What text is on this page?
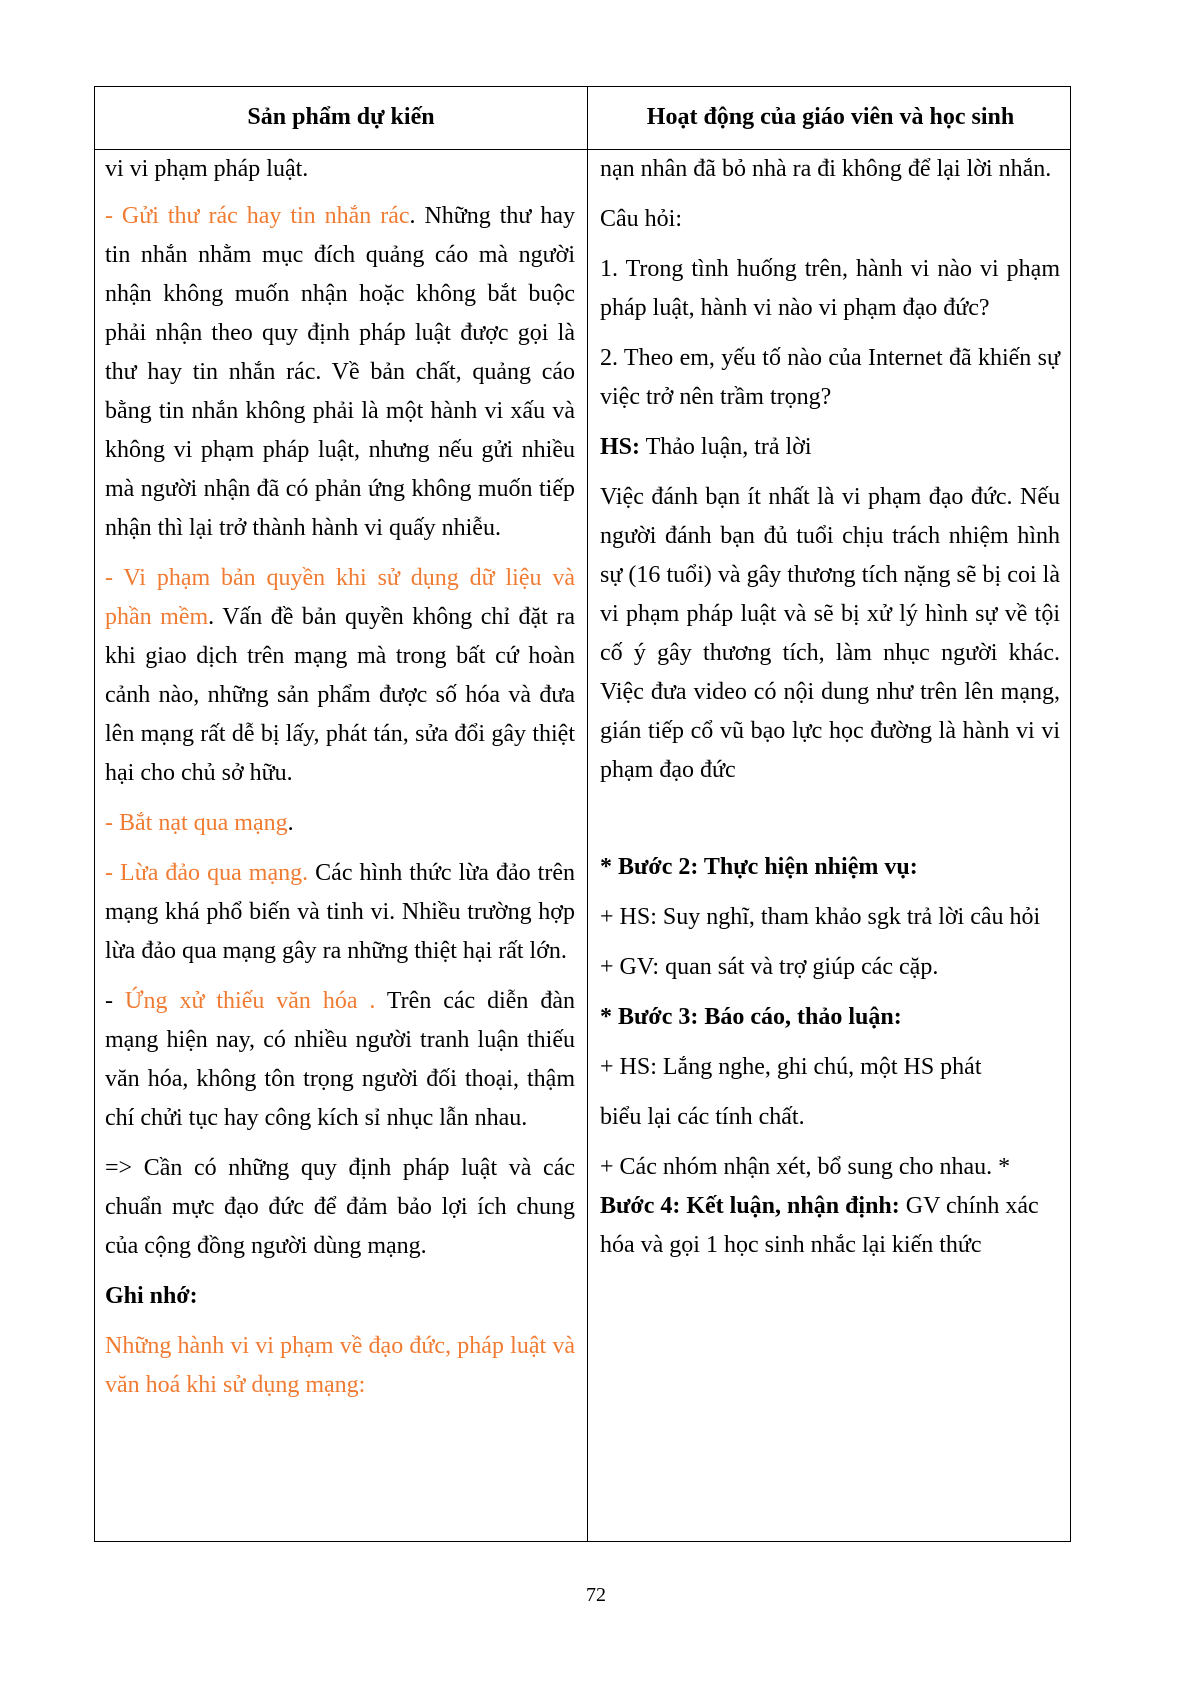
Sản phẩm dự kiến	Hoạt động của giáo viên và học sinh

vi vi phạm pháp luật.

- Gửi thư rác hay tin nhắn rác. Những thư hay tin nhắn nhằm mục đích quảng cáo mà người nhận không muốn nhận hoặc không bắt buộc phải nhận theo quy định pháp luật được gọi là thư hay tin nhắn rác. Về bản chất, quảng cáo bằng tin nhắn không phải là một hành vi xấu và không vi phạm pháp luật, nhưng nếu gửi nhiều mà người nhận đã có phản ứng không muốn tiếp nhận thì lại trở thành hành vi quấy nhiễu.

- Vi phạm bản quyền khi sử dụng dữ liệu và phần mềm. Vấn đề bản quyền không chỉ đặt ra khi giao dịch trên mạng mà trong bất cứ hoàn cảnh nào, những sản phẩm được số hóa và đưa lên mạng rất dễ bị lấy, phát tán, sửa đổi gây thiệt hại cho chủ sở hữu.

- Bắt nạt qua mạng.

- Lừa đảo qua mạng. Các hình thức lừa đảo trên mạng khá phổ biến và tinh vi. Nhiều trường hợp lừa đảo qua mạng gây ra những thiệt hại rất lớn.

- Ứng xử thiếu văn hóa . Trên các diễn đàn mạng hiện nay, có nhiều người tranh luận thiếu văn hóa, không tôn trọng người đối thoại, thậm chí chửi tục hay công kích sỉ nhục lẫn nhau.

=> Cần có những quy định pháp luật và các chuẩn mực đạo đức để đảm bảo lợi ích chung của cộng đồng người dùng mạng.

Ghi nhớ:

Những hành vi vi phạm về đạo đức, pháp luật và văn hoá khi sử dụng mạng:

nạn nhân đã bỏ nhà ra đi không để lại lời nhắn.

Câu hỏi:

1. Trong tình huống trên, hành vi nào vi phạm pháp luật, hành vi nào vi phạm đạo đức?

2. Theo em, yếu tố nào của Internet đã khiến sự việc trở nên trầm trọng?

HS: Thảo luận, trả lời

Việc đánh bạn ít nhất là vi phạm đạo đức. Nếu người đánh bạn đủ tuổi chịu trách nhiệm hình sự (16 tuổi) và gây thương tích nặng sẽ bị coi là vi phạm pháp luật và sẽ bị xử lý hình sự về tội cố ý gây thương tích, làm nhục người khác. Việc đưa video có nội dung như trên lên mạng, gián tiếp cổ vũ bạo lực học đường là hành vi vi phạm đạo đức

* Bước 2: Thực hiện nhiệm vụ:

+ HS: Suy nghĩ, tham khảo sgk trả lời câu hỏi

+ GV: quan sát và trợ giúp các cặp.

* Bước 3: Báo cáo, thảo luận:

+ HS: Lắng nghe, ghi chú, một HS phát

biểu lại các tính chất.

+ Các nhóm nhận xét, bổ sung cho nhau. *

Bước 4: Kết luận, nhận định: GV chính xác hóa và gọi 1 học sinh nhắc lại kiến thức

72
